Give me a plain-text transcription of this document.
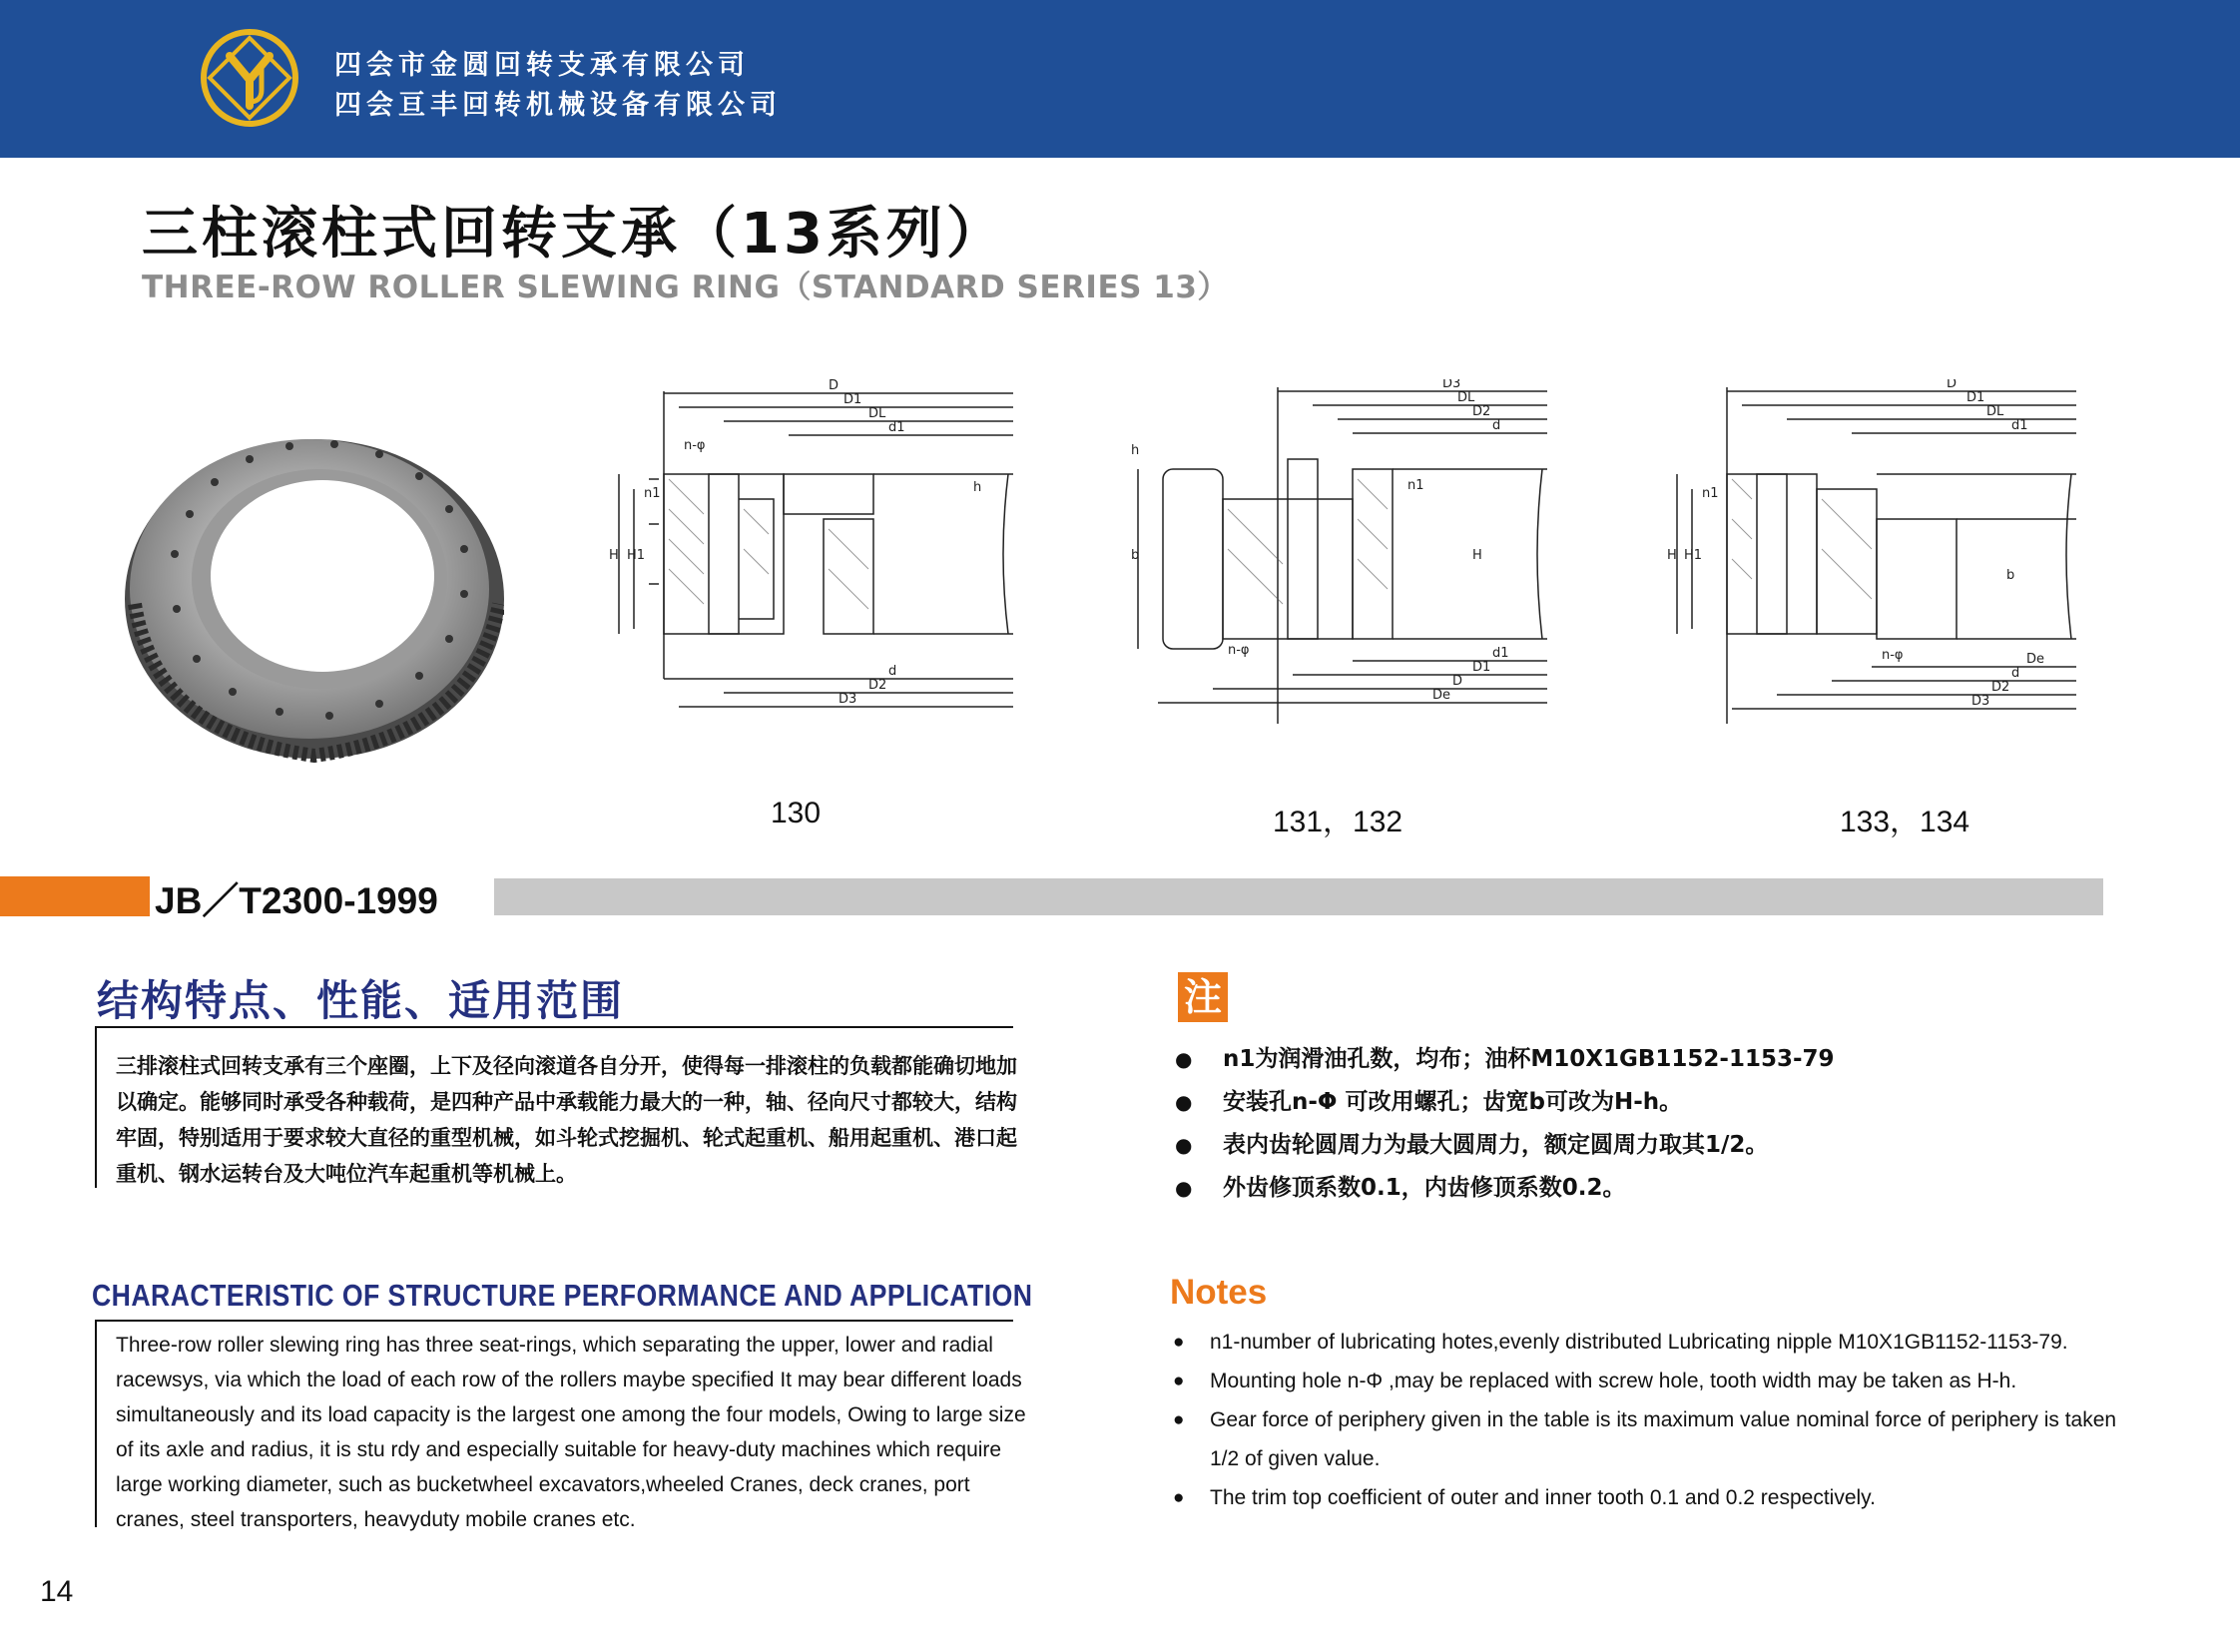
四会市金圆回转支承有限公司
四会亘丰回转机械设备有限公司
三柱滚柱式回转支承（13系列）
THREE-ROW ROLLER SLEWING RING（STANDARD SERIES 13）
D
D1
DL
d1
d
D2
D3
n-φ
H H1
h
n1
130
D3
DL
D2
d
d1
D1
D
De
n-φ
H
h
b
n1
131，132
D
D1
DL
d1
De
d
D2
D3
n-φ
H H1
b
n1
133，134
JB／T2300-1999
结构特点、性能、适用范围
三排滚柱式回转支承有三个座圈，上下及径向滚道各自分开，使得每一排滚柱的负载都能确切地加以确定。能够同时承受各种载荷，是四种产品中承载能力最大的一种，轴、径向尺寸都较大，结构牢固，特别适用于要求较大直径的重型机械，如斗轮式挖掘机、轮式起重机、船用起重机、港口起重机、钢水运转台及大吨位汽车起重机等机械上。
CHARACTERISTIC OF STRUCTURE PERFORMANCE AND APPLICATION
Three-row roller slewing ring has three seat-rings, which separating the upper, lower and radial racewsys, via which the load of each row of the rollers maybe specified It may bear different loads simultaneously and its load capacity is the largest one among the four models, Owing to large size of its axle and radius, it is stu rdy and especially suitable for heavy-duty machines which require large working diameter, such as bucketwheel excavators,wheeled Cranes, deck cranes, port cranes, steel transporters, heavyduty mobile cranes etc.
注
● n1为润滑油孔数，均布；油杯M10X1GB1152-1153-79
● 安装孔n-Φ 可改用螺孔；齿宽b可改为H-h。
● 表内齿轮圆周力为最大圆周力，额定圆周力取其1/2。
● 外齿修顶系数0.1，内齿修顶系数0.2。
Notes
● n1-number of lubricating hotes,evenly distributed Lubricating nipple M10X1GB1152-1153-79.
● Mounting hole n-Φ ,may be replaced with screw hole, tooth width may be taken as H-h.
● Gear force of periphery given in the table is its maximum value nominal force of periphery is taken 1/2 of given value.
● The trim top coefficient of outer and inner tooth 0.1 and 0.2 respectively.
14
